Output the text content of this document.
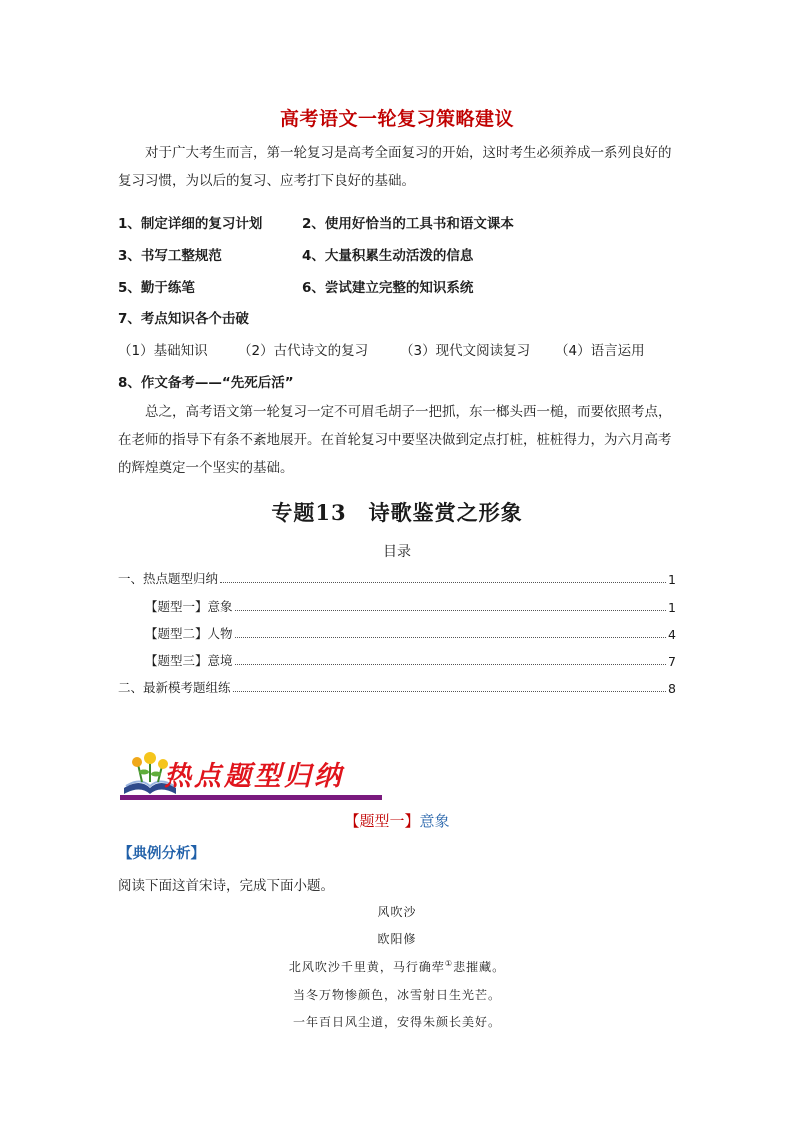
高考语文一轮复习策略建议

对于广大考生而言，第一轮复习是高考全面复习的开始，这时考生必须养成一系列良好的复习习惯，为以后的复习、应考打下良好的基础。

1、制定详细的复习计划	2、使用好恰当的工具书和语文课本
3、书写工整规范	4、大量积累生动活泼的信息
5、勤于练笔	6、尝试建立完整的知识系统
7、考点知识各个击破
（1）基础知识 （2）古代诗文的复习 （3）现代文阅读复习 （4）语言运用
8、作文备考——“先死后活”

总之，高考语文第一轮复习一定不可眉毛胡子一把抓，东一榔头西一槌，而要依照考点，在老师的指导下有条不紊地展开。在首轮复习中要坚决做到定点打桩，桩桩得力，为六月高考的辉煌奠定一个坚实的基础。

专题13　诗歌鉴赏之形象
目录
一、热点题型归纳	1
【题型一】意象	1
【题型二】人物	4
【题型三】意境	7
二、最新模考题组练	8
热点题型归纳
【题型一】意象
【典例分析】
阅读下面这首宋诗，完成下面小题。
风吹沙
欧阳修
北风吹沙千里黄，马行确荦①悲摧藏。
当冬万物惨颜色，冰雪射日生光芒。
一年百日风尘道，安得朱颜长美好。
